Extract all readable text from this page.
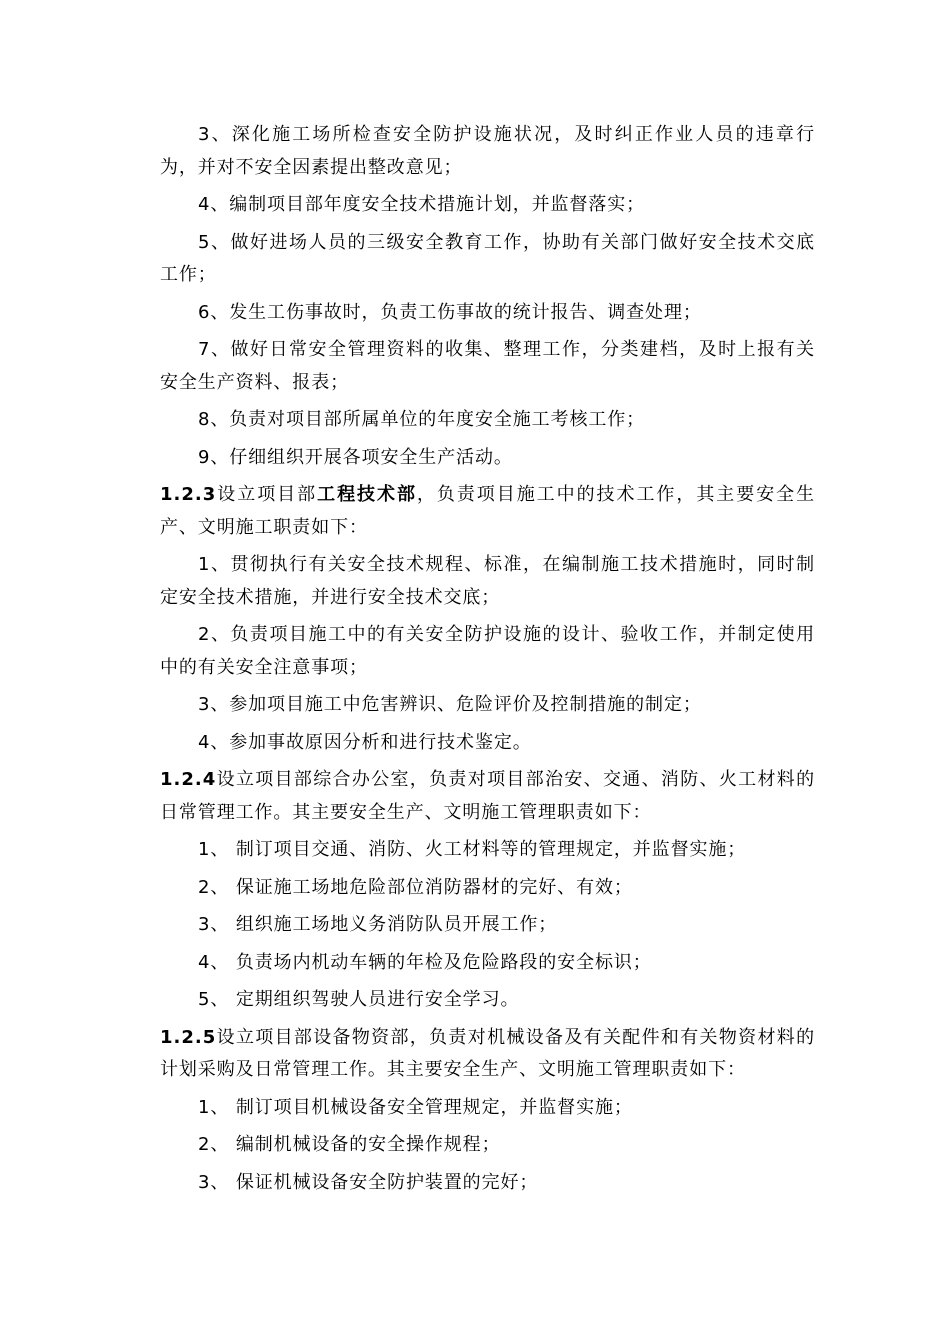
3、深化施工场所检查安全防护设施状况，及时纠正作业人员的违章行为，并对不安全因素提出整改意见；

4、编制项目部年度安全技术措施计划，并监督落实；

5、做好进场人员的三级安全教育工作，协助有关部门做好安全技术交底工作；

6、发生工伤事故时，负责工伤事故的统计报告、调查处理；

7、做好日常安全管理资料的收集、整理工作，分类建档，及时上报有关安全生产资料、报表；

8、负责对项目部所属单位的年度安全施工考核工作；

9、仔细组织开展各项安全生产活动。

1.2.3设立项目部工程技术部，负责项目施工中的技术工作，其主要安全生产、文明施工职责如下：

1、贯彻执行有关安全技术规程、标准，在编制施工技术措施时，同时制定安全技术措施，并进行安全技术交底；

2、负责项目施工中的有关安全防护设施的设计、验收工作，并制定使用中的有关安全注意事项；

3、参加项目施工中危害辨识、危险评价及控制措施的制定；

4、参加事故原因分析和进行技术鉴定。

1.2.4设立项目部综合办公室，负责对项目部治安、交通、消防、火工材料的日常管理工作。其主要安全生产、文明施工管理职责如下：

1、 制订项目交通、消防、火工材料等的管理规定，并监督实施；

2、 保证施工场地危险部位消防器材的完好、有效；

3、 组织施工场地义务消防队员开展工作；

4、 负责场内机动车辆的年检及危险路段的安全标识；

5、 定期组织驾驶人员进行安全学习。

1.2.5设立项目部设备物资部，负责对机械设备及有关配件和有关物资材料的计划采购及日常管理工作。其主要安全生产、文明施工管理职责如下：

1、 制订项目机械设备安全管理规定，并监督实施；

2、 编制机械设备的安全操作规程；

3、 保证机械设备安全防护装置的完好；
